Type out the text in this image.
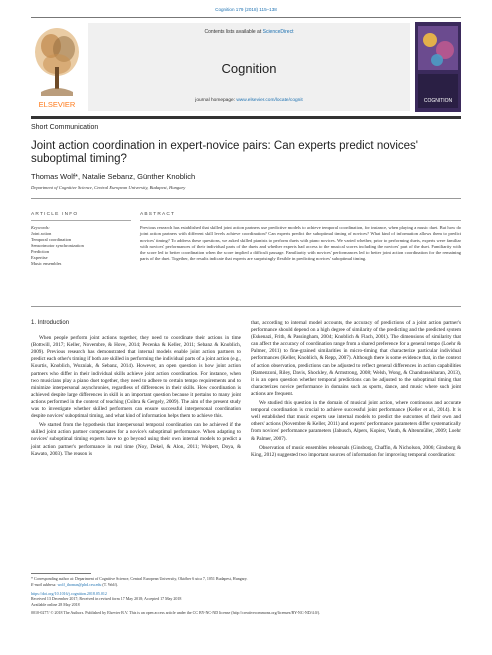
Cognition 179 (2018) 115–138
ELSEVIER
Contents lists available at ScienceDirect
Cognition
journal homepage: www.elsevier.com/locate/cognit	COGNITION
Short Communication
Joint action coordination in expert-novice pairs: Can experts predict novices' suboptimal timing?
Thomas Wolf*, Natalie Sebanz, Günther Knoblich
Department of Cognitive Science, Central European University, Budapest, Hungary
ARTICLE INFO	ABSTRACT
Keywords:
Joint action
Temporal coordination
Sensorimotor synchronization
Prediction
Expertise
Music ensembles
Previous research has established that skilled joint action partners use predictive models to achieve temporal coordination, for instance, when playing a music duet. But how do joint action partners with different skill levels achieve coordination? Can experts predict the suboptimal timing of novices? What kind of information allows them to predict novices' timing? To address these questions, we asked skilled pianists to perform duets with piano novices. We varied whether, prior to performing duets, experts were familiar with novices' performances of their individual parts of the duets and whether experts had access to the musical scores including the novices' part of the duet. Familiarity with the score led to better coordination when the score implied a difficult passage. Familiarity with novices' performances led to better joint action coordination for the remaining parts of the duet. Together, the results indicate that experts are surprisingly flexible in predicting novices' suboptimal timing.
1. Introduction

When people perform joint actions together, they need to coordinate their actions in time (Bottwill, 2017; Keller, Novembre, & Hove, 2014; Pecenka & Keller, 2011; Sebanz & Knoblich, 2009). Previous research has demonstrated that internal models enable joint action partners to predict each other's timing if both are skilled in performing the individual parts of a joint action (e.g., Kourtis, Knoblich, Wozniak, & Sebanz, 2014). However, an open question is how joint action partners who differ in their individual skills achieve joint action coordination. For instance, when two musicians play a piano duet together, they need to adhere to certain tempo requirements and to minimize interpersonal asynchronies, regardless of differences in their skills. How coordination is achieved despite large differences in skill is an important question because it pertains to many joint actions performed in the context of teaching (Csibra & Gergely, 2009). The aim of the present study was to investigate whether skilled performers can ensure successful interpersonal coordination despite novices' suboptimal timing, and what kind of information helps them to achieve this.

We started from the hypothesis that interpersonal temporal coordination can be achieved if the skilled joint action partner compensates for a novice's suboptimal performance. When adapting to novices' suboptimal timing experts have to go beyond using their own internal models to predict a joint action partner's performance in real time (Noy, Dekel, & Alon, 2011; Wolpert, Doya, & Kawato, 2003). The reason is

that, according to internal model accounts, the accuracy of predictions of a joint action partner's performance should depend on a high degree of similarity of the predicting and the predicted system (Eskenazi, Frith, & Passingham, 2004; Knoblich & Flach, 2001). The dimensions of similarity that can affect the accuracy of coordination range from a shared preference for a general tempo (Loehr & Palmer, 2011) to fine-grained similarities in micro-timing that characterize particular individual performances (Keller, Knoblich, & Repp, 2007). Although there is some evidence that, in the context of action observation, predictions can be adjusted to reflect general differences in action capabilities (Ramenzoni, Riley, Davis, Shockley, & Armstrong, 2008; Welsh, Wong, & Chandrasekharan, 2013), it is an open question whether temporal predictions can be adjusted to the suboptimal timing that characterizes novice performance in domains such as sports, dance, and music where such joint actions are frequent.

We studied this question in the domain of musical joint action, where continuous and accurate temporal coordination is crucial to achieve successful joint performance (Keller et al., 2014). It is well established that music experts use internal models to predict the outcomes of their own and others' actions (Novembre & Keller, 2011) and experts' performance parameters differ systematically from novices' performance parameters (Jabusch, Alpers, Kopiez, Vauth, & Altenmüller, 2009; Loehr & Palmer, 2007).

Observation of music ensembles rehearsals (Ginsborg, Chaffin, & Nicholson, 2006; Ginsborg & King, 2012) suggested two important sources of information for improving temporal coordination:

* Corresponding author at: Department of Cognitive Science, Central European University, Október 6 utca 7, 1051 Budapest, Hungary.
E-mail address: wolf_thomas@phd.ceu.edu (T. Wolf).
https://doi.org/10.1016/j.cognition.2018.05.012
Received 13 December 2017; Received in revised form 17 May 2018; Accepted 17 May 2018
Available online 28 May 2018
0010-0277/ © 2018 The Authors. Published by Elsevier B.V. This is an open access article under the CC BY-NC-ND license (http://creativecommons.org/licenses/BY-NC-ND/4.0/).
